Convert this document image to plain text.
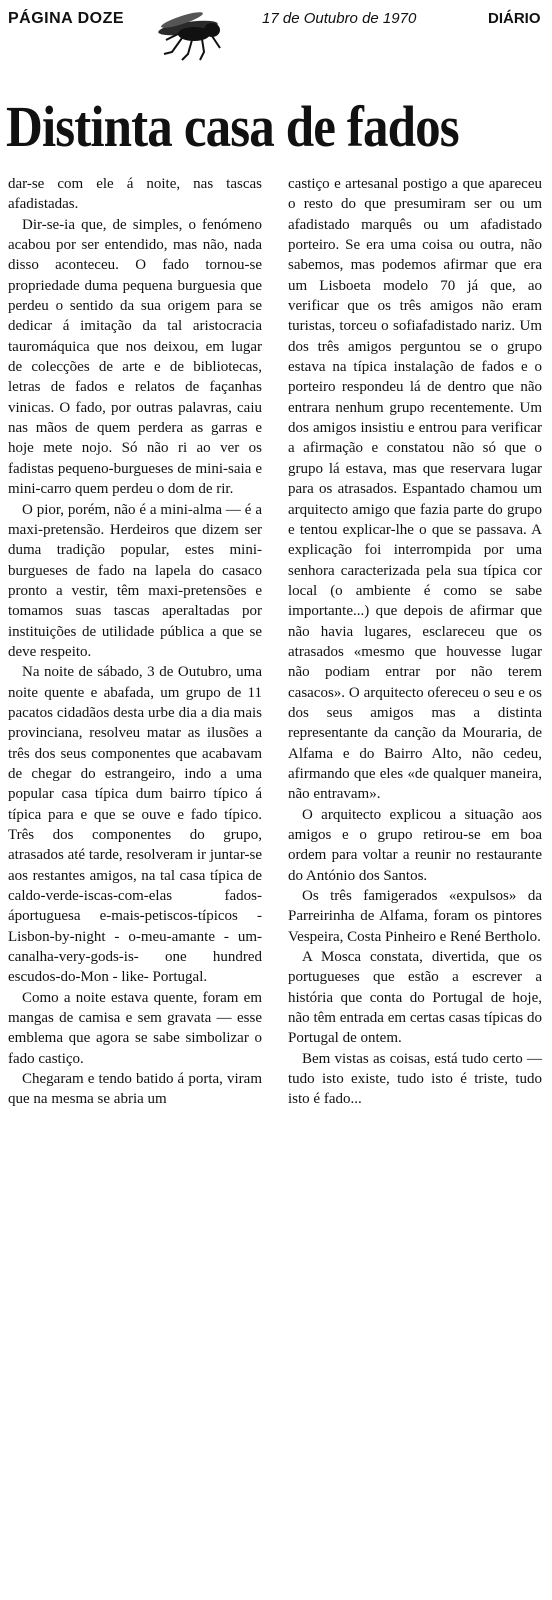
PÁGINA DOZE	17 de Outubro de 1970	DIÁRIO
Distinta casa de fados

dar-se com ele á noite, nas tascas afadistadas.

Dir-se-ia que, de simples, o fenómeno acabou por ser entendido, mas não, nada disso aconteceu. O fado tornou-se propriedade duma pequena burguesia que perdeu o sentido da sua origem para se dedicar á imitação da tal aristocracia tauromáquica que nos deixou, em lugar de colecções de arte e de bibliotecas, letras de fados e relatos de façanhas vinicas. O fado, por outras palavras, caiu nas mãos de quem perdera as garras e hoje mete nojo. Só não ri ao ver os fadistas pequeno-burgueses de mini-saia e mini-carro quem perdeu o dom de rir.

O pior, porém, não é a mini-alma — é a maxi-pretensão. Herdeiros que dizem ser duma tradição popular, estes mini-burgueses de fado na lapela do casaco pronto a vestir, têm maxi-pretensões e tomamos suas tascas aperaltadas por instituições de utilidade pública a que se deve respeito.

Na noite de sábado, 3 de Outubro, uma noite quente e abafada, um grupo de 11 pacatos cidadãos desta urbe dia a dia mais provinciana, resolveu matar as ilusões a três dos seus componentes que acabavam de chegar do estrangeiro, indo a uma popular casa típica dum bairro típico á típica para e que se ouve e fado típico. Três dos componentes do grupo, atrasados até tarde, resolveram ir juntar-se aos restantes amigos, na tal casa típica de caldo-verde-iscas-com-elas fados-áportuguesa e-mais-petiscos-típicos - Lisbon-by-night - o-meu-amante - um-canalha-very-gods-is- one hundred escudos-do-Mon - like- Portugal.

Como a noite estava quente, foram em mangas de camisa e sem gravata — esse emblema que agora se sabe simbolizar o fado castiço.

Chegaram e tendo batido á porta, viram que na mesma se abria um

castiço e artesanal postigo a que apareceu o resto do que presumiram ser ou um afadistado marquês ou um afadistado porteiro. Se era uma coisa ou outra, não sabemos, mas podemos afirmar que era um Lisboeta modelo 70 já que, ao verificar que os três amigos não eram turistas, torceu o sofiafadistado nariz. Um dos três amigos perguntou se o grupo estava na típica instalação de fados e o porteiro respondeu lá de dentro que não entrara nenhum grupo recentemente. Um dos amigos insistiu e entrou para verificar a afirmação e constatou não só que o grupo lá estava, mas que reservara lugar para os atrasados. Espantado chamou um arquitecto amigo que fazia parte do grupo e tentou explicar-lhe o que se passava. A explicação foi interrompida por uma senhora caracterizada pela sua típica cor local (o ambiente é como se sabe importante...) que depois de afirmar que não havia lugares, esclareceu que os atrasados «mesmo que houvesse lugar não podiam entrar por não terem casacos». O arquitecto ofereceu o seu e os dos seus amigos mas a distinta representante da canção da Mouraria, de Alfama e do Bairro Alto, não cedeu, afirmando que eles «de qualquer maneira, não entravam».

O arquitecto explicou a situação aos amigos e o grupo retirou-se em boa ordem para voltar a reunir no restaurante do António dos Santos.

Os três famigerados «expulsos» da Parreirinha de Alfama, foram os pintores Vespeira, Costa Pinheiro e René Bertholo.

A Mosca constata, divertida, que os portugueses que estão a escrever a história que conta do Portugal de hoje, não têm entrada em certas casas típicas do Portugal de ontem.

Bem vistas as coisas, está tudo certo — tudo isto existe, tudo isto é triste, tudo isto é fado...
